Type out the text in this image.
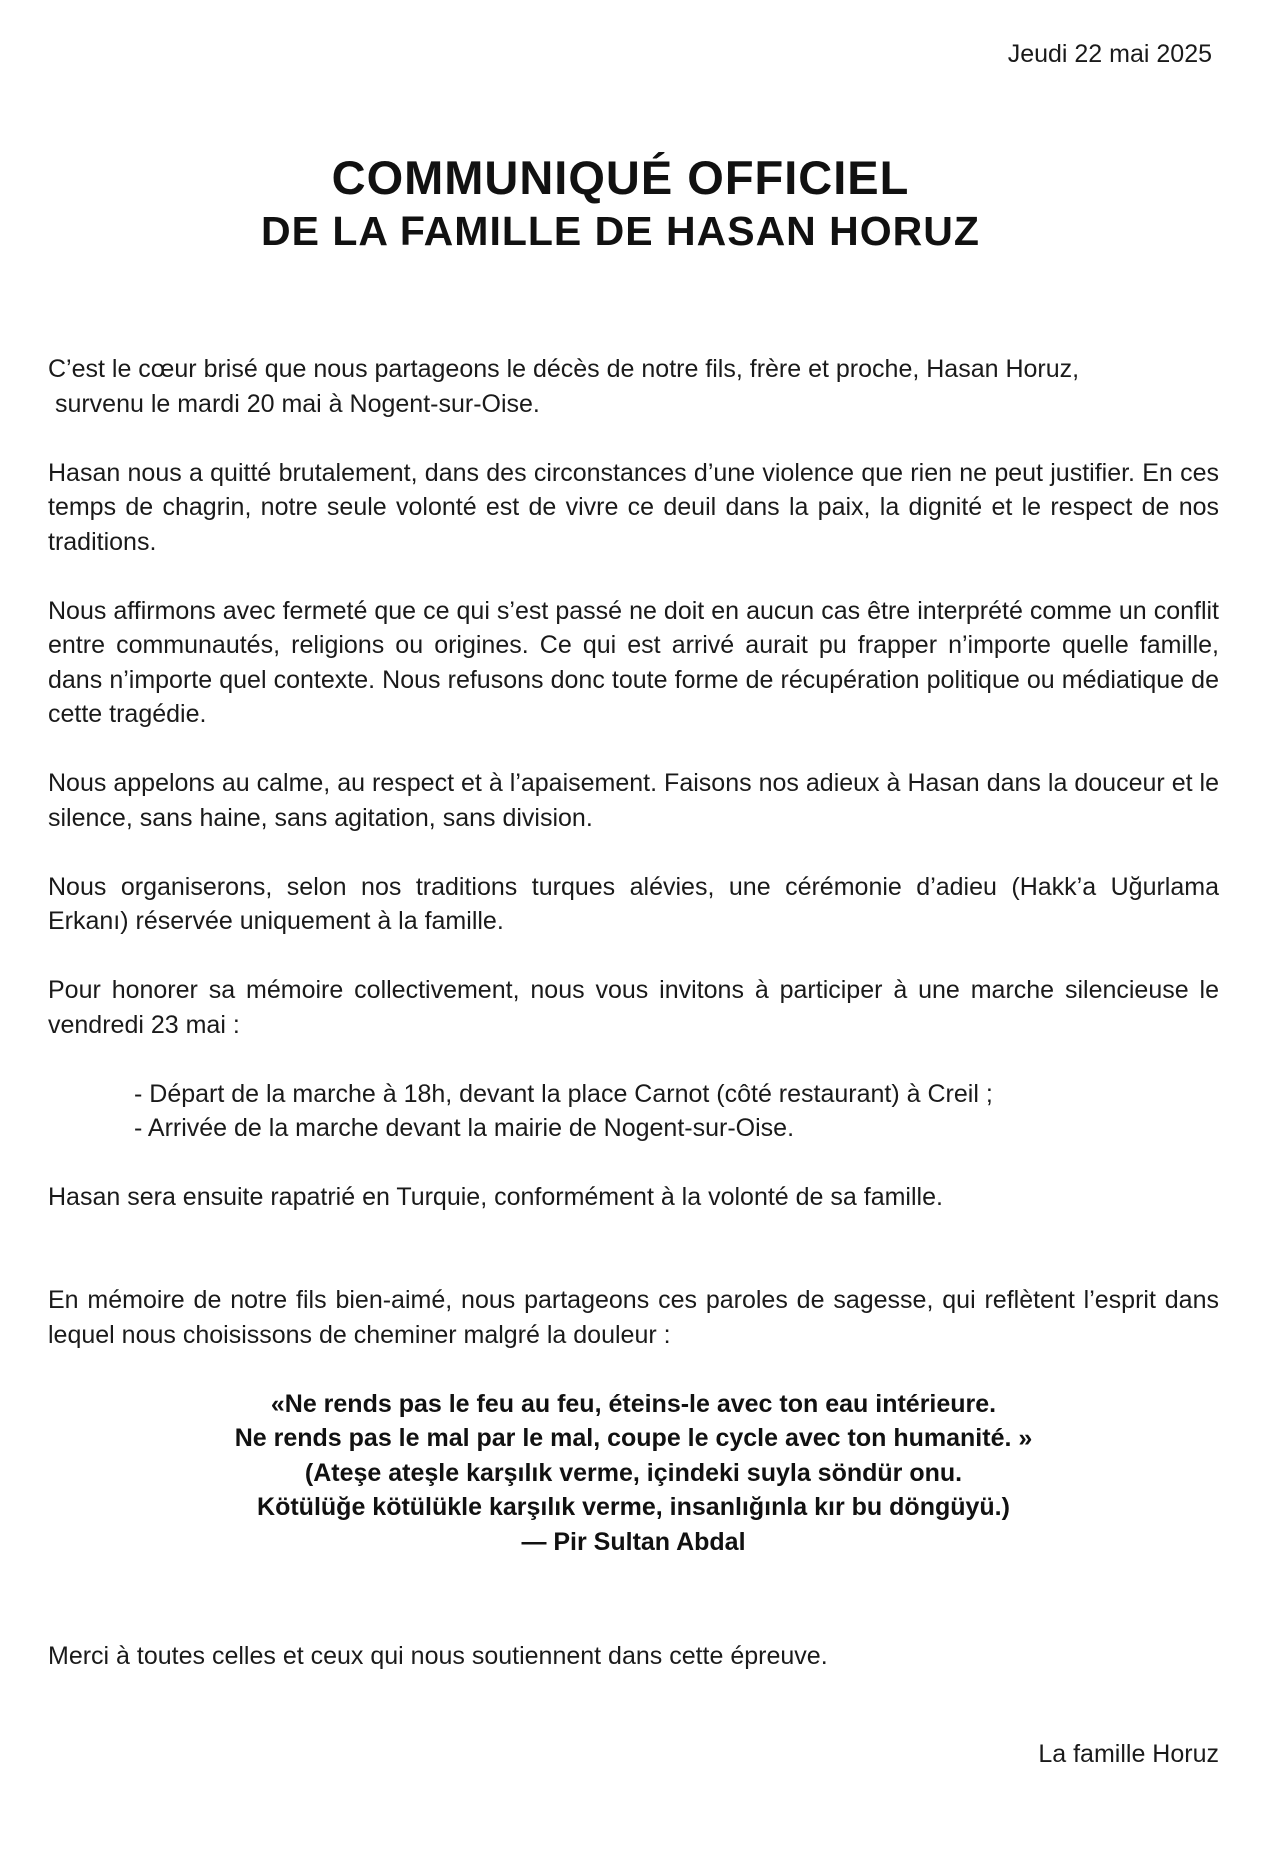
Jeudi 22 mai 2025
COMMUNIQUÉ OFFICIEL
DE LA FAMILLE DE HASAN HORUZ
C’est le cœur brisé que nous partageons le décès de notre fils, frère et proche, Hasan Horuz,
survenu le mardi 20 mai à Nogent-sur-Oise.
Hasan nous a quitté brutalement, dans des circonstances d’une violence que rien ne peut justifier. En ces temps de chagrin, notre seule volonté est de vivre ce deuil dans la paix, la dignité et le respect de nos traditions.
Nous affirmons avec fermeté que ce qui s’est passé ne doit en aucun cas être interprété comme un conflit entre communautés, religions ou origines. Ce qui est arrivé aurait pu frapper n’importe quelle famille, dans n’importe quel contexte. Nous refusons donc toute forme de récupération politique ou médiatique de cette tragédie.
Nous appelons au calme, au respect et à l’apaisement. Faisons nos adieux à Hasan dans la douceur et le silence, sans haine, sans agitation, sans division.
Nous organiserons, selon nos traditions turques alévies, une cérémonie d’adieu (Hakk’a Uğurlama Erkanı) réservée uniquement à la famille.
Pour honorer sa mémoire collectivement, nous vous invitons à participer à une marche silencieuse le vendredi 23 mai :
- Départ de la marche à 18h, devant la place Carnot (côté restaurant) à Creil ;
- Arrivée de la marche devant la mairie de Nogent-sur-Oise.
Hasan sera ensuite rapatrié en Turquie, conformément à la volonté de sa famille.
En mémoire de notre fils bien-aimé, nous partageons ces paroles de sagesse, qui reflètent l’esprit dans lequel nous choisissons de cheminer malgré la douleur :
«Ne rends pas le feu au feu, éteins-le avec ton eau intérieure.
Ne rends pas le mal par le mal, coupe le cycle avec ton humanité. »
(Ateşe ateşle karşılık verme, içindeki suyla söndür onu.
Kötülüğe kötülükle karşılık verme, insanlığınla kır bu döngüyü.)
— Pir Sultan Abdal
Merci à toutes celles et ceux qui nous soutiennent dans cette épreuve.
La famille Horuz
